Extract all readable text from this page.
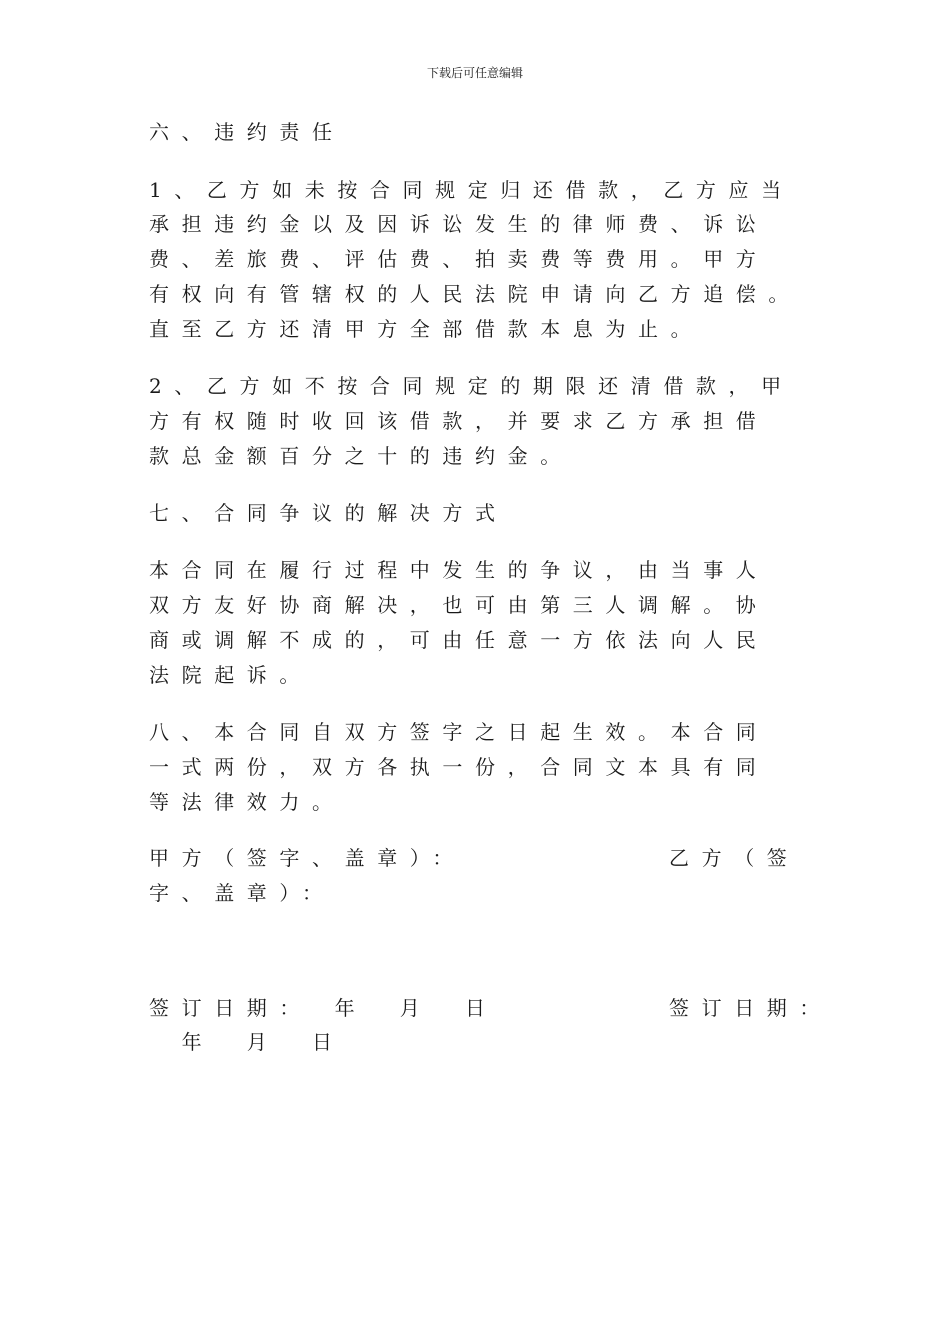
下载后可任意编辑
六、违约责任
1、乙方如未按合同规定归还借款，乙方应当
承担违约金以及因诉讼发生的律师费、诉讼
费、差旅费、评估费、拍卖费等费用。甲方
有权向有管辖权的人民法院申请向乙方追偿。
直至乙方还清甲方全部借款本息为止。
2、乙方如不按合同规定的期限还清借款，甲
方有权随时收回该借款，并要求乙方承担借
款总金额百分之十的违约金。
七、合同争议的解决方式
本合同在履行过程中发生的争议，由当事人
双方友好协商解决，也可由第三人调解。协
商或调解不成的，可由任意一方依法向人民
法院起诉。
八、本合同自双方签字之日起生效。本合同
一式两份，双方各执一份，合同文本具有同
等法律效力。
甲方（签字、盖章）：	乙方（签
字、盖章）：
签订日期：　年　月　日	签订日期：
　年　月　日
